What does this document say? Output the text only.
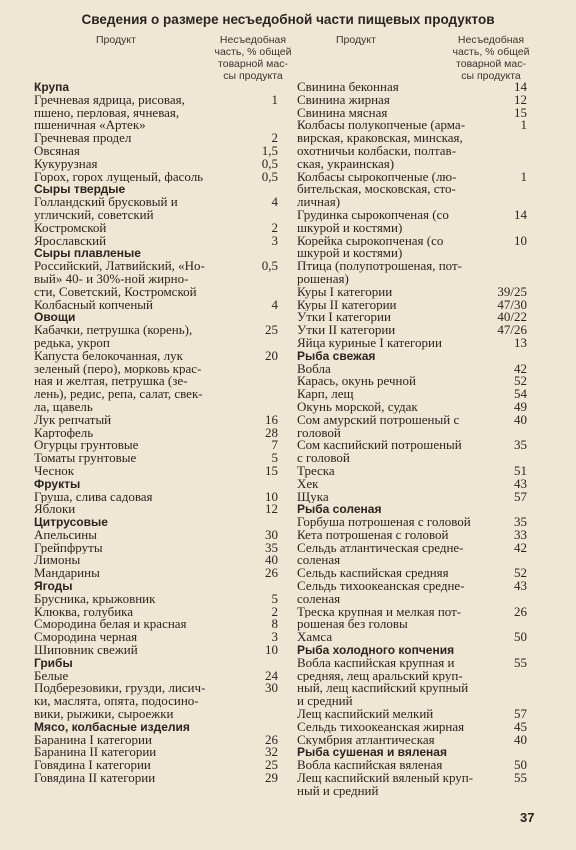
Сведения о размере несъедобной части пищевых продуктов
Продукт	Несъедобная
часть, % общей
товарной мас-
сы продукта
Продукт	Несъедобная
часть, % общей
товарной мас-
сы продукта
Крупа
Гречневая ядрица, рисовая,	1
пшено, перловая, ячневая,
пшеничная «Артек»
Гречневая продел	2
Овсяная	1,5
Кукурузная	0,5
Горох, горох лущеный, фасоль	0,5
Сыры твердые
Голландский брусковый и	4
угличский, советский
Костромской	2
Ярославский	3
Сыры плавленые
Российский, Латвийский, «Но-	0,5
вый» 40- и 30%-ной жирно-
сти, Советский, Костромской
Колбасный копченый	4
Овощи
Кабачки, петрушка (корень),	25
редька, укроп
Капуста белокочанная, лук	20
зеленый (перо), морковь крас-
ная и желтая, петрушка (зе-
лень), редис, репа, салат, свек-
ла, щавель
Лук репчатый	16
Картофель	28
Огурцы грунтовые	7
Томаты грунтовые	5
Чеснок	15
Фрукты
Груша, слива садовая	10
Яблоки	12
Цитрусовые
Апельсины	30
Грейпфруты	35
Лимоны	40
Мандарины	26
Ягоды
Брусника, крыжовник	5
Клюква, голубика	2
Смородина белая и красная	8
Смородина черная	3
Шиповник свежий	10
Грибы
Белые	24
Подберезовики, грузди, лисич-	30
ки, маслята, опята, подосино-
вики, рыжики, сыроежки
Мясо, колбасные изделия
Баранина I категории	26
Баранина II категории	32
Говядина I категории	25
Говядина II категории	29
Свинина беконная	14
Свинина жирная	12
Свинина мясная	15
Колбасы полукопченые (арма-	1
вирская, краковская, минская,
охотничьи колбаски, полтав-
ская, украинская)
Колбасы сырокопченые (лю-	1
бительская, московская, сто-
личная)
Грудинка сырокопченая (со	14
шкурой и костями)
Корейка сырокопченая (со	10
шкурой и костями)
Птица (полупотрошеная, пот-
рошеная)
Куры I категории	39/25
Куры II категории	47/30
Утки I категории	40/22
Утки II категории	47/26
Яйца куриные I категории	13
Рыба свежая
Вобла	42
Карась, окунь речной	52
Карп, лещ	54
Окунь морской, судак	49
Сом амурский потрошеный с	40
головой
Сом каспийский потрошеный	35
с головой
Треска	51
Хек	43
Щука	57
Рыба соленая
Горбуша потрошеная с головой	35
Кета потрошеная с головой	33
Сельдь атлантическая средне-	42
соленая
Сельдь каспийская средняя	52
Сельдь тихоокеанская средне-	43
соленая
Треска крупная и мелкая пот-	26
рошеная без головы
Хамса	50
Рыба холодного копчения
Вобла каспийская крупная и	55
средняя, лещ аральский круп-
ный, лещ каспийский крупный
и средний
Лещ каспийский мелкий	57
Сельдь тихоокеанская жирная	45
Скумбрия атлантическая	40
Рыба сушеная и вяленая
Вобла каспийская вяленая	50
Лещ каспийский вяленый круп-	55
ный и средний
37
